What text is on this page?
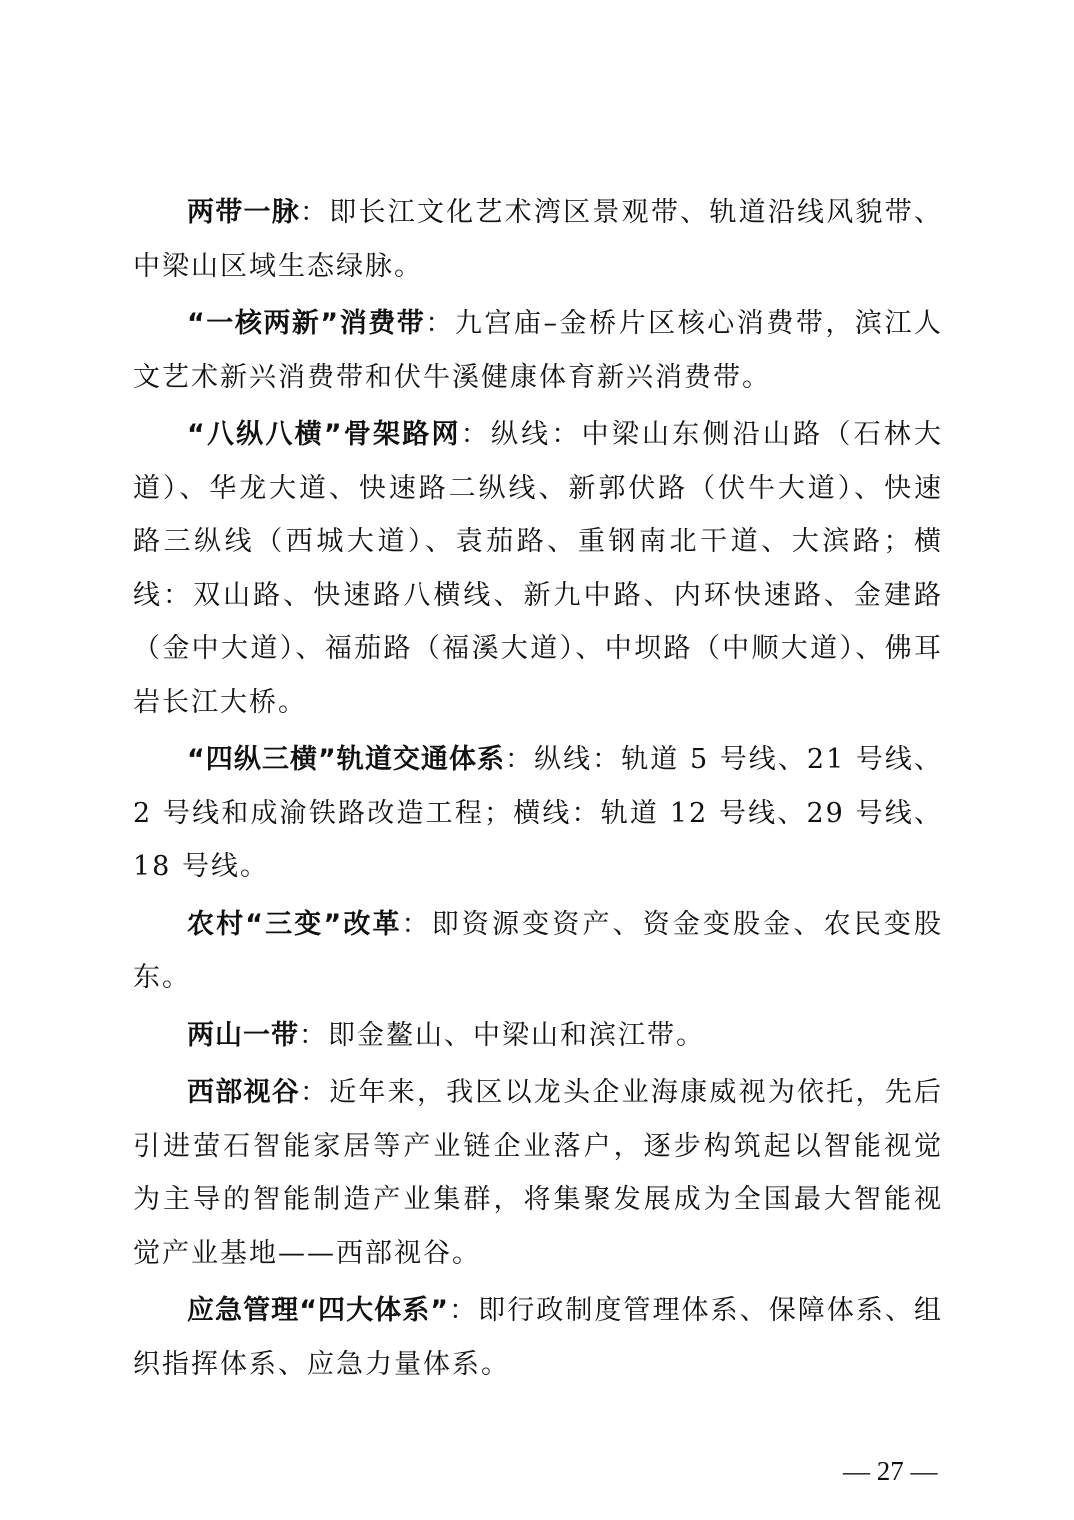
两带一脉：即长江文化艺术湾区景观带、轨道沿线风貌带、中梁山区域生态绿脉。

“一核两新”消费带：九宫庙–金桥片区核心消费带，滨江人文艺术新兴消费带和伏牛溪健康体育新兴消费带。

“八纵八横”骨架路网：纵线：中梁山东侧沿山路（石林大道）、华龙大道、快速路二纵线、新郭伏路（伏牛大道）、快速路三纵线（西城大道）、袁茄路、重钢南北干道、大滨路；横线：双山路、快速路八横线、新九中路、内环快速路、金建路（金中大道）、福茄路（福溪大道）、中坝路（中顺大道）、佛耳岩长江大桥。

“四纵三横”轨道交通体系：纵线：轨道 5 号线、21 号线、2 号线和成渝铁路改造工程；横线：轨道 12 号线、29 号线、18 号线。

农村“三变”改革：即资源变资产、资金变股金、农民变股东。

两山一带：即金鳌山、中梁山和滨江带。

西部视谷：近年来，我区以龙头企业海康威视为依托，先后引进萤石智能家居等产业链企业落户，逐步构筑起以智能视觉为主导的智能制造产业集群，将集聚发展成为全国最大智能视觉产业基地——西部视谷。

应急管理“四大体系”：即行政制度管理体系、保障体系、组织指挥体系、应急力量体系。

— 27 —
